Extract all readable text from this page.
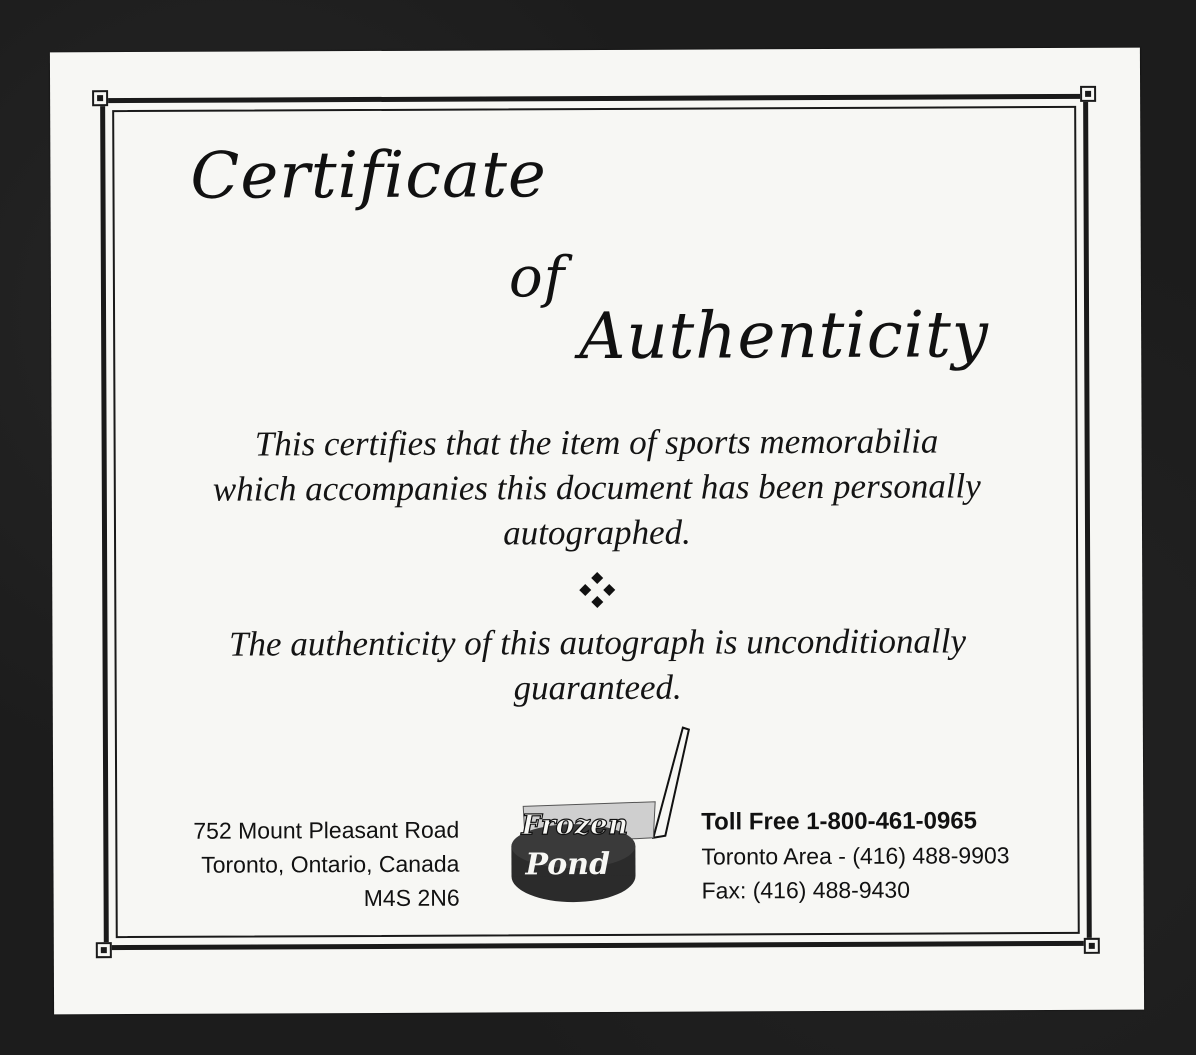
Certificate
of
Authenticity
This certifies that the item of sports memorabilia which accompanies this document has been personally autographed.
The authenticity of this autograph is unconditionally guaranteed.
752 Mount Pleasant Road
Toronto, Ontario, Canada
M4S 2N6
Frozen
Pond
Toll Free 1-800-461-0965
Toronto Area - (416) 488-9903
Fax: (416) 488-9430
